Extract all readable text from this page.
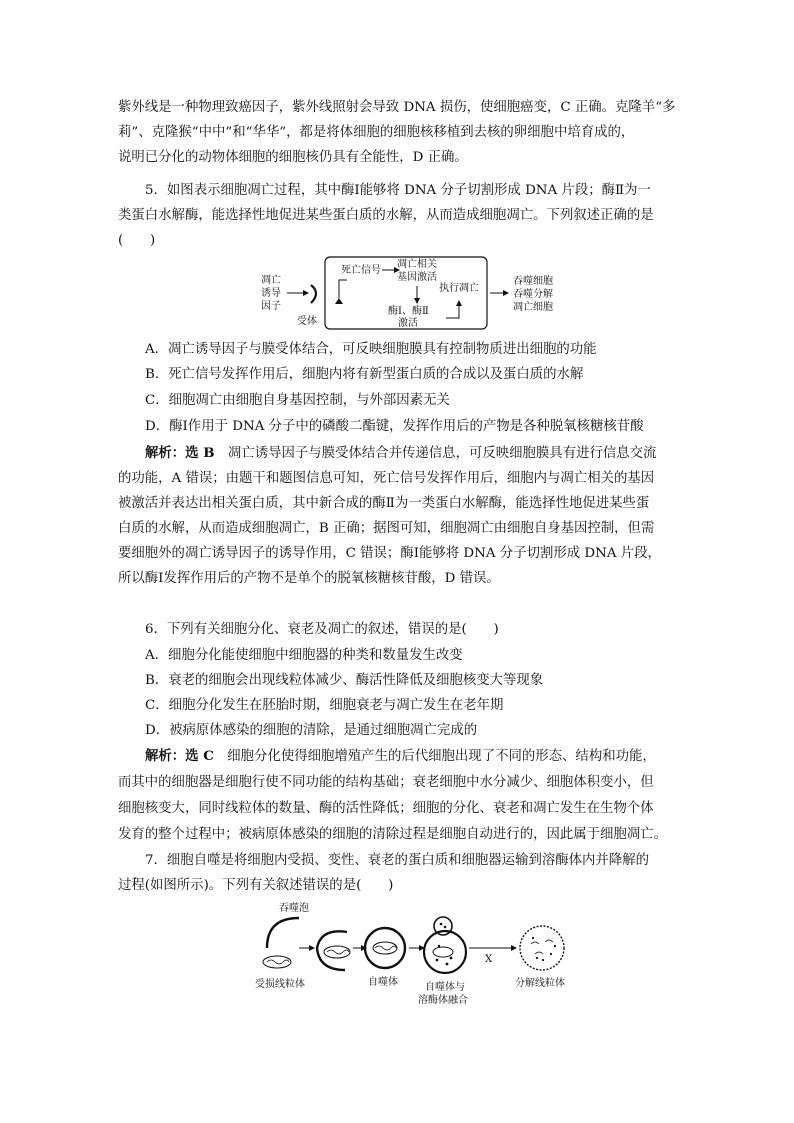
紫外线是一种物理致癌因子，紫外线照射会导致 DNA 损伤，使细胞癌变，C 正确。克隆羊“多

莉”、克隆猴“中中”和“华华”，都是将体细胞的细胞核移植到去核的卵细胞中培育成的，

说明已分化的动物体细胞的细胞核仍具有全能性，D 正确。

5．如图表示细胞凋亡过程，其中酶Ⅰ能够将 DNA 分子切割形成 DNA 片段；酶Ⅱ为一

类蛋白水解酶，能选择性地促进某些蛋白质的水解，从而造成细胞凋亡。下列叙述正确的是

(　　)

凋亡
诱导
因子
受体
死亡信号
凋亡相关
基因激活
酶Ⅰ、酶Ⅱ
激活
执行凋亡
吞噬细胞
吞噬分解
凋亡细胞
A．凋亡诱导因子与膜受体结合，可反映细胞膜具有控制物质进出细胞的功能
B．死亡信号发挥作用后，细胞内将有新型蛋白质的合成以及蛋白质的水解
C．细胞凋亡由细胞自身基因控制，与外部因素无关
D．酶Ⅰ作用于 DNA 分子中的磷酸二酯键，发挥作用后的产物是各种脱氧核糖核苷酸

解析：选 B　凋亡诱导因子与膜受体结合并传递信息，可反映细胞膜具有进行信息交流

的功能，A 错误；由题干和题图信息可知，死亡信号发挥作用后，细胞内与凋亡相关的基因

被激活并表达出相关蛋白质，其中新合成的酶Ⅱ为一类蛋白水解酶，能选择性地促进某些蛋

白质的水解，从而造成细胞凋亡，B 正确；据图可知，细胞凋亡由细胞自身基因控制，但需

要细胞外的凋亡诱导因子的诱导作用，C 错误；酶Ⅰ能够将 DNA 分子切割形成 DNA 片段，

所以酶Ⅰ发挥作用后的产物不是单个的脱氧核糖核苷酸，D 错误。

6．下列有关细胞分化、衰老及凋亡的叙述，错误的是(　　)

A．细胞分化能使细胞中细胞器的种类和数量发生改变
B．衰老的细胞会出现线粒体减少、酶活性降低及细胞核变大等现象
C．细胞分化发生在胚胎时期，细胞衰老与凋亡发生在老年期
D．被病原体感染的细胞的清除，是通过细胞凋亡完成的

解析：选 C　细胞分化使得细胞增殖产生的后代细胞出现了不同的形态、结构和功能，

而其中的细胞器是细胞行使不同功能的结构基础；衰老细胞中水分减少、细胞体积变小，但

细胞核变大，同时线粒体的数量、酶的活性降低；细胞的分化、衰老和凋亡发生在生物个体

发育的整个过程中；被病原体感染的细胞的清除过程是细胞自动进行的，因此属于细胞凋亡。

7．细胞自噬是将细胞内受损、变性、衰老的蛋白质和细胞器运输到溶酶体内并降解的

过程(如图所示)。下列有关叙述错误的是(　　)

吞噬泡
受损线粒体	自噬体	自噬体与
溶酶体融合
X
分解线粒体
